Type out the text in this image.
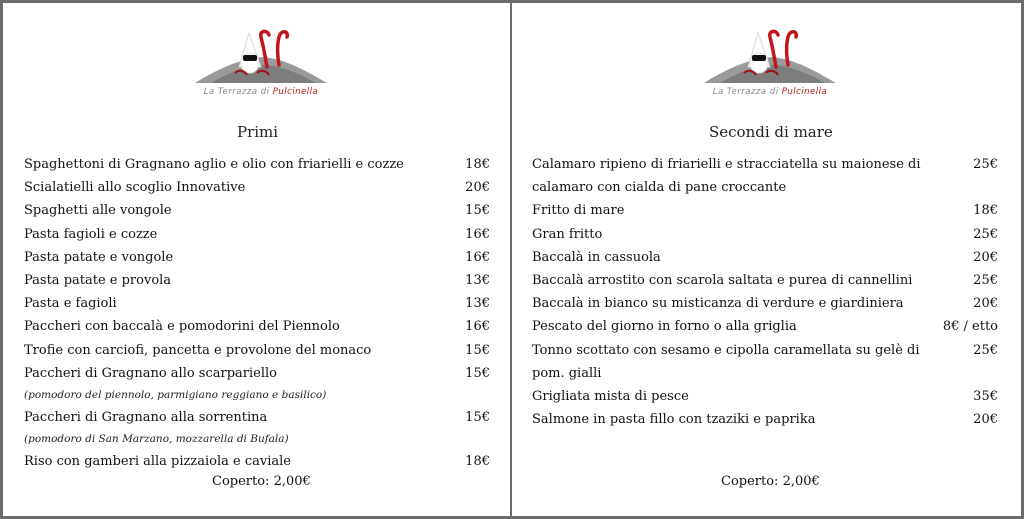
La Terrazza di Pulcinella
Primi
Spaghettoni di Gragnano aglio e olio con friarielli e cozze	18€
Scialatielli allo scoglio Innovative	20€
Spaghetti alle vongole	15€
Pasta fagioli e cozze	16€
Pasta patate e vongole	16€
Pasta patate e provola	13€
Pasta e fagioli	13€
Paccheri con baccalà e pomodorini del Piennolo	16€
Trofie con carciofi, pancetta e provolone del monaco	15€
Paccheri di Gragnano allo scarpariello	15€
(pomodoro del piennolo, parmigiano reggiano e basilico)
Paccheri di Gragnano alla sorrentina	15€
(pomodoro di San Marzano, mozzarella di Bufala)
Riso con gamberi alla pizzaiola e caviale	18€
Coperto: 2,00€
La Terrazza di Pulcinella
Secondi di mare
Calamaro ripieno di friarielli e stracciatella su maionese di calamaro con cialda di pane croccante
25€
Fritto di mare	18€
Gran fritto	25€
Baccalà in cassuola	20€
Baccalà arrostito con scarola saltata e purea di cannellini	25€
Baccalà in bianco su misticanza di verdure e giardiniera	20€
Pescato del giorno in forno o alla griglia	8€ / etto
Tonno scottato con sesamo e cipolla caramellata su gelè di pom. gialli
25€
Grigliata mista di pesce	35€
Salmone in pasta fillo con tzaziki e paprika	20€
Coperto: 2,00€
